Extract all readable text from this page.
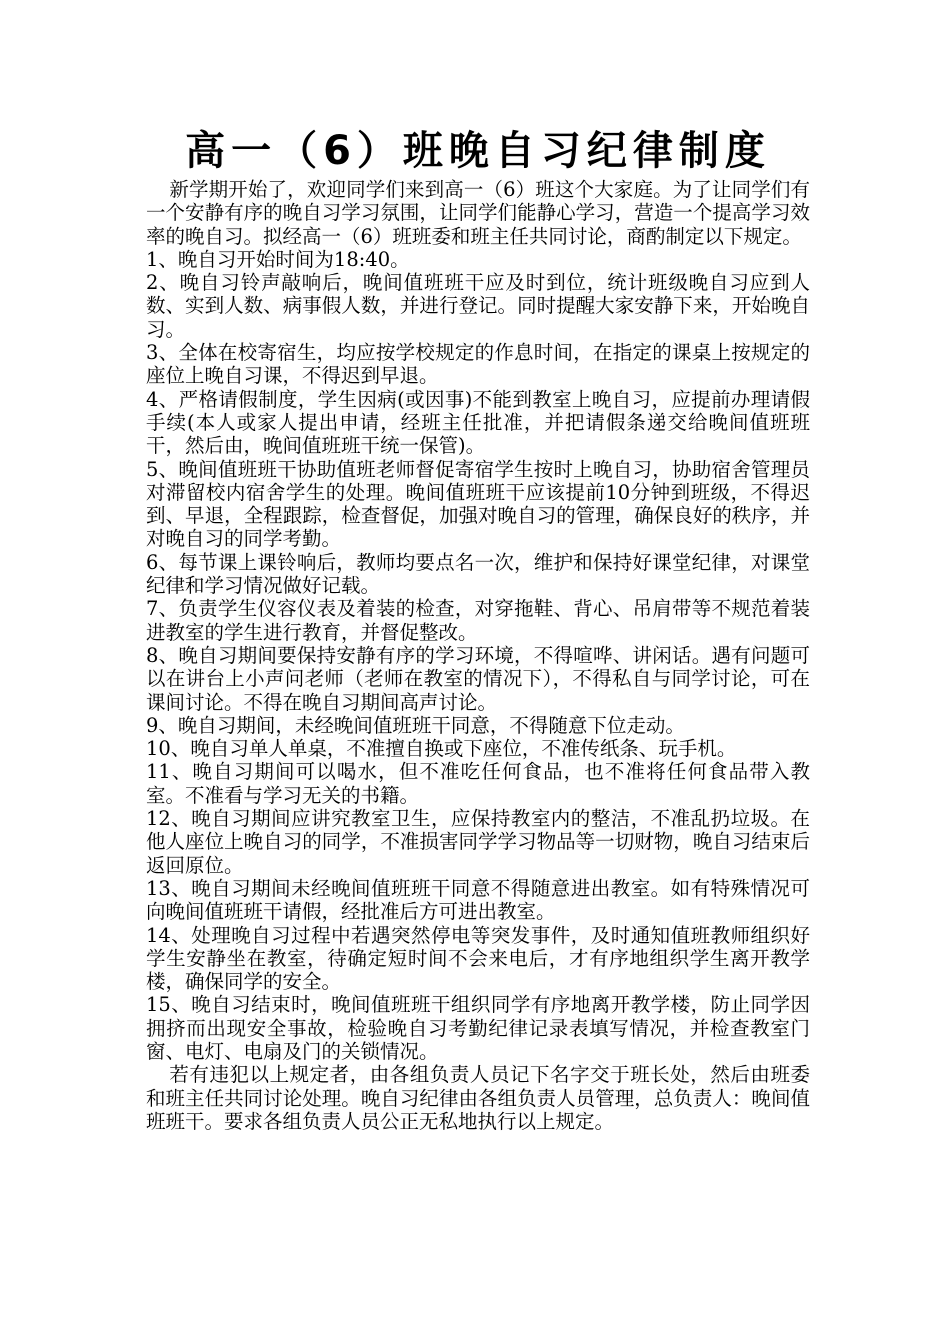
高一（6）班晚自习纪律制度

新学期开始了，欢迎同学们来到高一（6）班这个大家庭。为了让同学们有一个安静有序的晚自习学习氛围，让同学们能静心学习，营造一个提高学习效率的晚自习。拟经高一（6）班班委和班主任共同讨论，商酌制定以下规定。

1、晚自习开始时间为18:40。

2、晚自习铃声敲响后，晚间值班班干应及时到位，统计班级晚自习应到人数、实到人数、病事假人数，并进行登记。同时提醒大家安静下来，开始晚自习。

3、全体在校寄宿生，均应按学校规定的作息时间，在指定的课桌上按规定的座位上晚自习课，不得迟到早退。

4、严格请假制度，学生因病(或因事)不能到教室上晚自习，应提前办理请假手续(本人或家人提出申请，经班主任批准，并把请假条递交给晚间值班班干，然后由，晚间值班班干统一保管)。

5、晚间值班班干协助值班老师督促寄宿学生按时上晚自习，协助宿舍管理员对滞留校内宿舍学生的处理。晚间值班班干应该提前10分钟到班级，不得迟到、早退，全程跟踪，检查督促，加强对晚自习的管理，确保良好的秩序，并对晚自习的同学考勤。

6、每节课上课铃响后，教师均要点名一次，维护和保持好课堂纪律，对课堂纪律和学习情况做好记载。

7、负责学生仪容仪表及着装的检查，对穿拖鞋、背心、吊肩带等不规范着装进教室的学生进行教育，并督促整改。

8、晚自习期间要保持安静有序的学习环境，不得喧哗、讲闲话。遇有问题可以在讲台上小声问老师（老师在教室的情况下），不得私自与同学讨论，可在课间讨论。不得在晚自习期间高声讨论。

9、晚自习期间，未经晚间值班班干同意，不得随意下位走动。

10、晚自习单人单桌，不准擅自换或下座位，不准传纸条、玩手机。

11、晚自习期间可以喝水，但不准吃任何食品，也不准将任何食品带入教室。不准看与学习无关的书籍。

12、晚自习期间应讲究教室卫生，应保持教室内的整洁，不准乱扔垃圾。在他人座位上晚自习的同学，不准损害同学学习物品等一切财物，晚自习结束后返回原位。

13、晚自习期间未经晚间值班班干同意不得随意进出教室。如有特殊情况可向晚间值班班干请假，经批准后方可进出教室。

14、处理晚自习过程中若遇突然停电等突发事件，及时通知值班教师组织好学生安静坐在教室，待确定短时间不会来电后，才有序地组织学生离开教学楼，确保同学的安全。

15、晚自习结束时，晚间值班班干组织同学有序地离开教学楼，防止同学因拥挤而出现安全事故，检验晚自习考勤纪律记录表填写情况，并检查教室门窗、电灯、电扇及门的关锁情况。

若有违犯以上规定者，由各组负责人员记下名字交于班长处，然后由班委和班主任共同讨论处理。晚自习纪律由各组负责人员管理，总负责人：晚间值班班干。要求各组负责人员公正无私地执行以上规定。
